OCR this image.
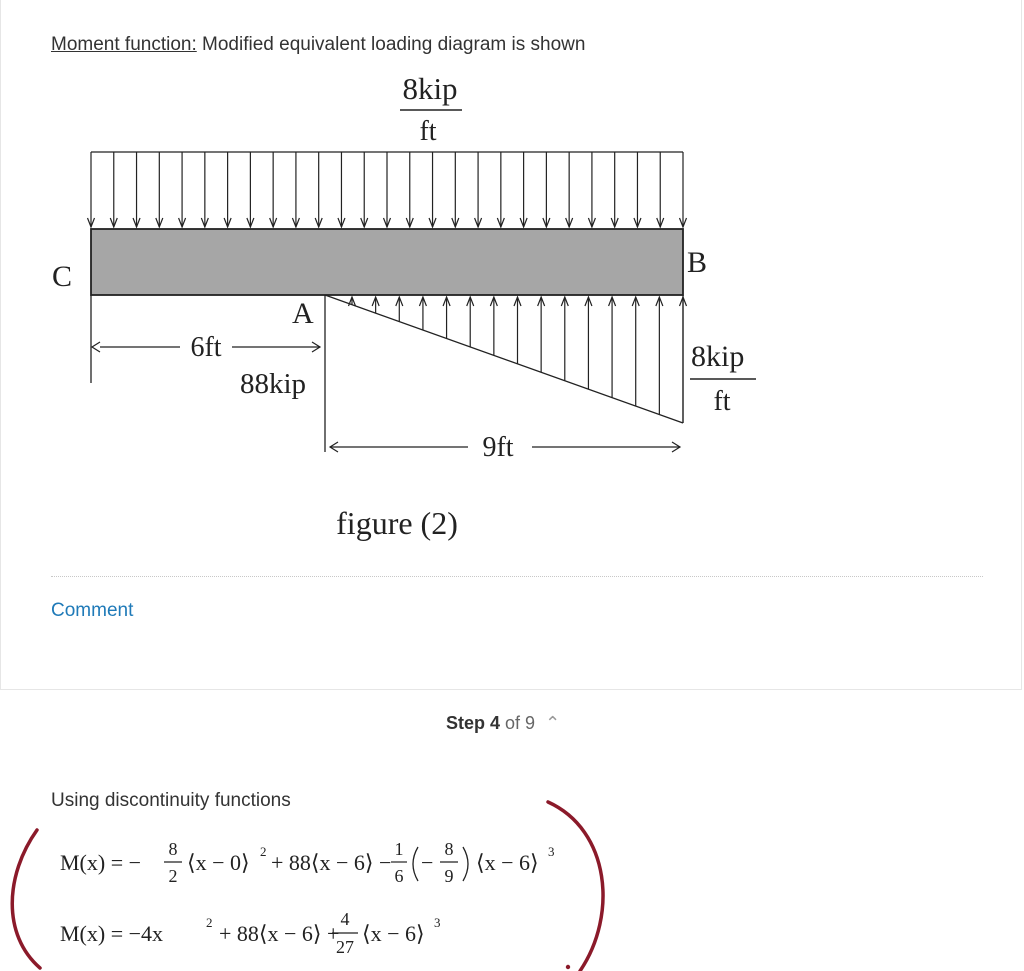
Moment function: Modified equivalent loading diagram is shown
8kip
ft
C	B
A
6ft
88kip
8kip
ft
9ft
figure (2)
Comment
Step 4 of 9 ⌃
Using discontinuity functions
M(x) = −
8
2
⟨x − 0⟩ 2 + 88⟨x − 6⟩ −
1
6
−
8
9
⟨x − 6⟩ 3
M(x) = −4x	2 + 88⟨x − 6⟩ +
4
27
⟨x − 6⟩ 3
